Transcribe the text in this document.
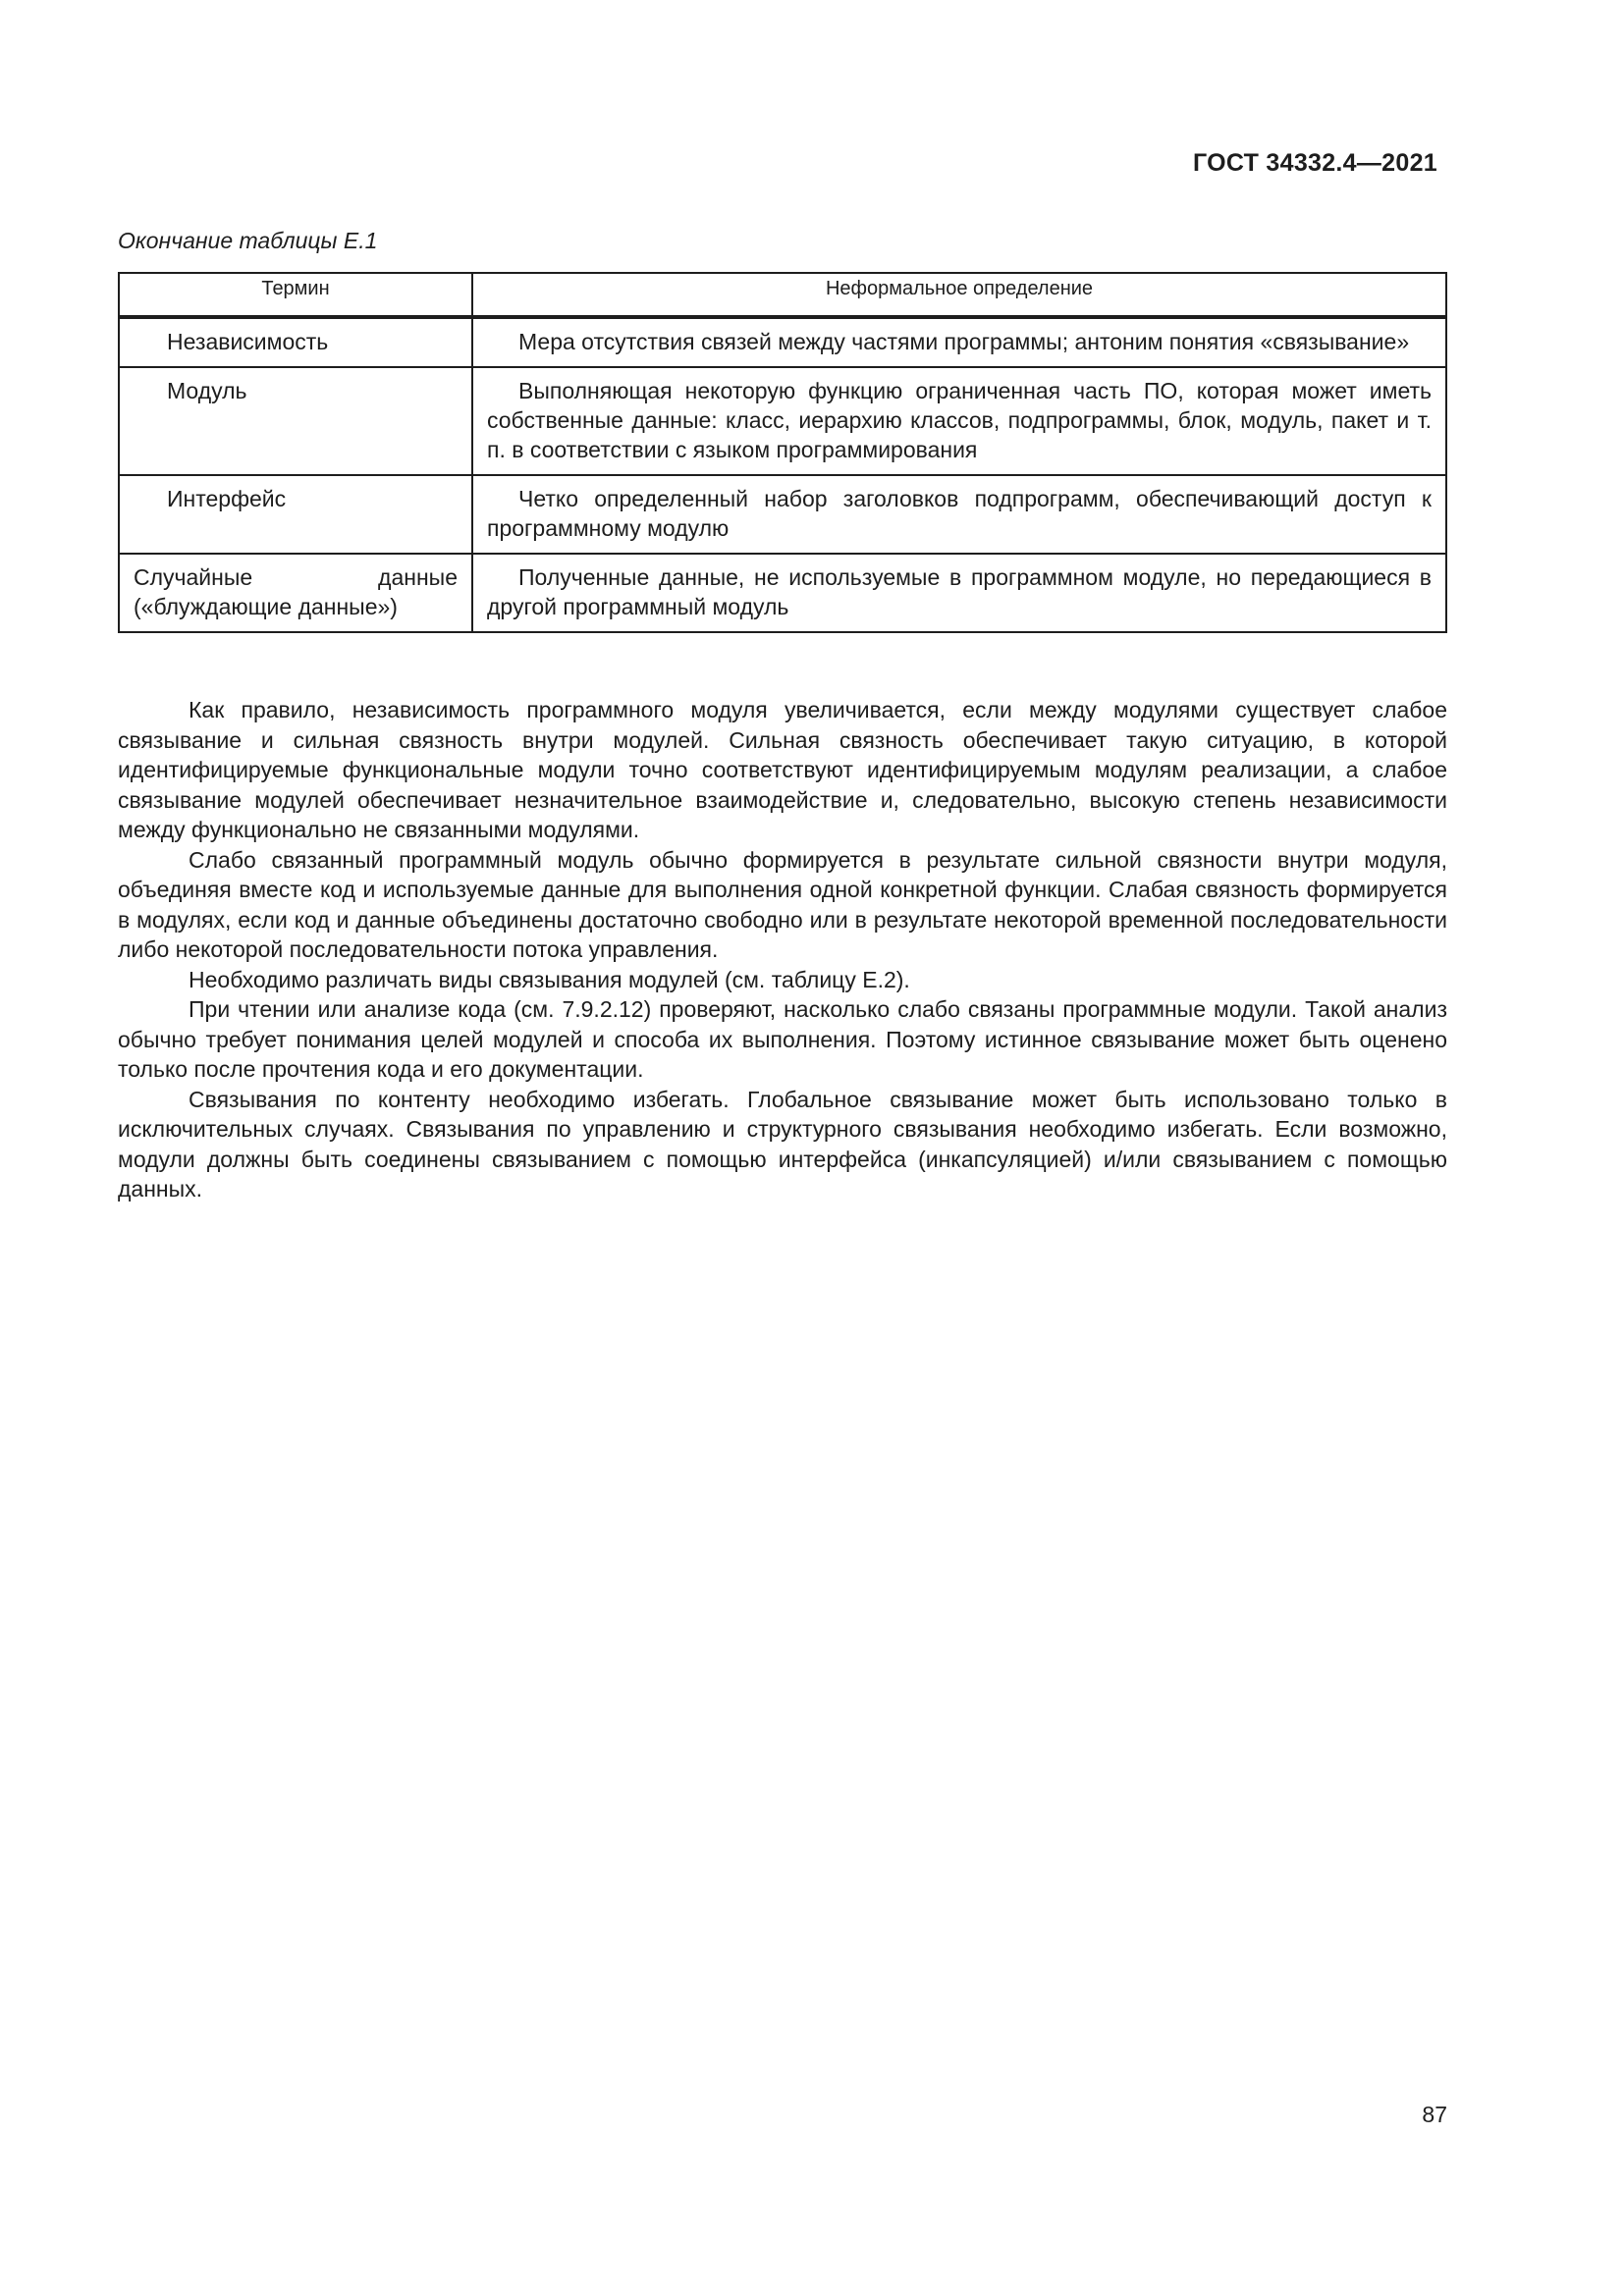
ГОСТ 34332.4—2021
Окончание таблицы Е.1
Термин	Неформальное определение
Независимость	Мера отсутствия связей между частями программы; антоним понятия «связывание»
Модуль	Выполняющая некоторую функцию ограниченная часть ПО, которая может иметь собственные данные: класс, иерархию классов, подпрограммы, блок, модуль, пакет и т. п. в соответствии с языком программирования
Интерфейс	Четко определенный набор заголовков подпрограмм, обеспечивающий доступ к программному модулю
Случайные данные («блуждающие данные»)	Полученные данные, не используемые в программном модуле, но передающиеся в другой программный модуль

Как правило, независимость программного модуля увеличивается, если между модулями существует слабое связывание и сильная связность внутри модулей. Сильная связность обеспечивает такую ситуацию, в которой идентифицируемые функциональные модули точно соответствуют идентифицируемым модулям реализации, а слабое связывание модулей обеспечивает незначительное взаимодействие и, следовательно, высокую степень независимости между функционально не связанными модулями.

Слабо связанный программный модуль обычно формируется в результате сильной связности внутри модуля, объединяя вместе код и используемые данные для выполнения одной конкретной функции. Слабая связность формируется в модулях, если код и данные объединены достаточно свободно или в результате некоторой временной последовательности либо некоторой последовательности потока управления.

Необходимо различать виды связывания модулей (см. таблицу Е.2).

При чтении или анализе кода (см. 7.9.2.12) проверяют, насколько слабо связаны программные модули. Такой анализ обычно требует понимания целей модулей и способа их выполнения. Поэтому истинное связывание может быть оценено только после прочтения кода и его документации.

Связывания по контенту необходимо избегать. Глобальное связывание может быть использовано только в исключительных случаях. Связывания по управлению и структурного связывания необходимо избегать. Если возможно, модули должны быть соединены связыванием с помощью интерфейса (инкапсуляцией) и/или связыванием с помощью данных.

87
